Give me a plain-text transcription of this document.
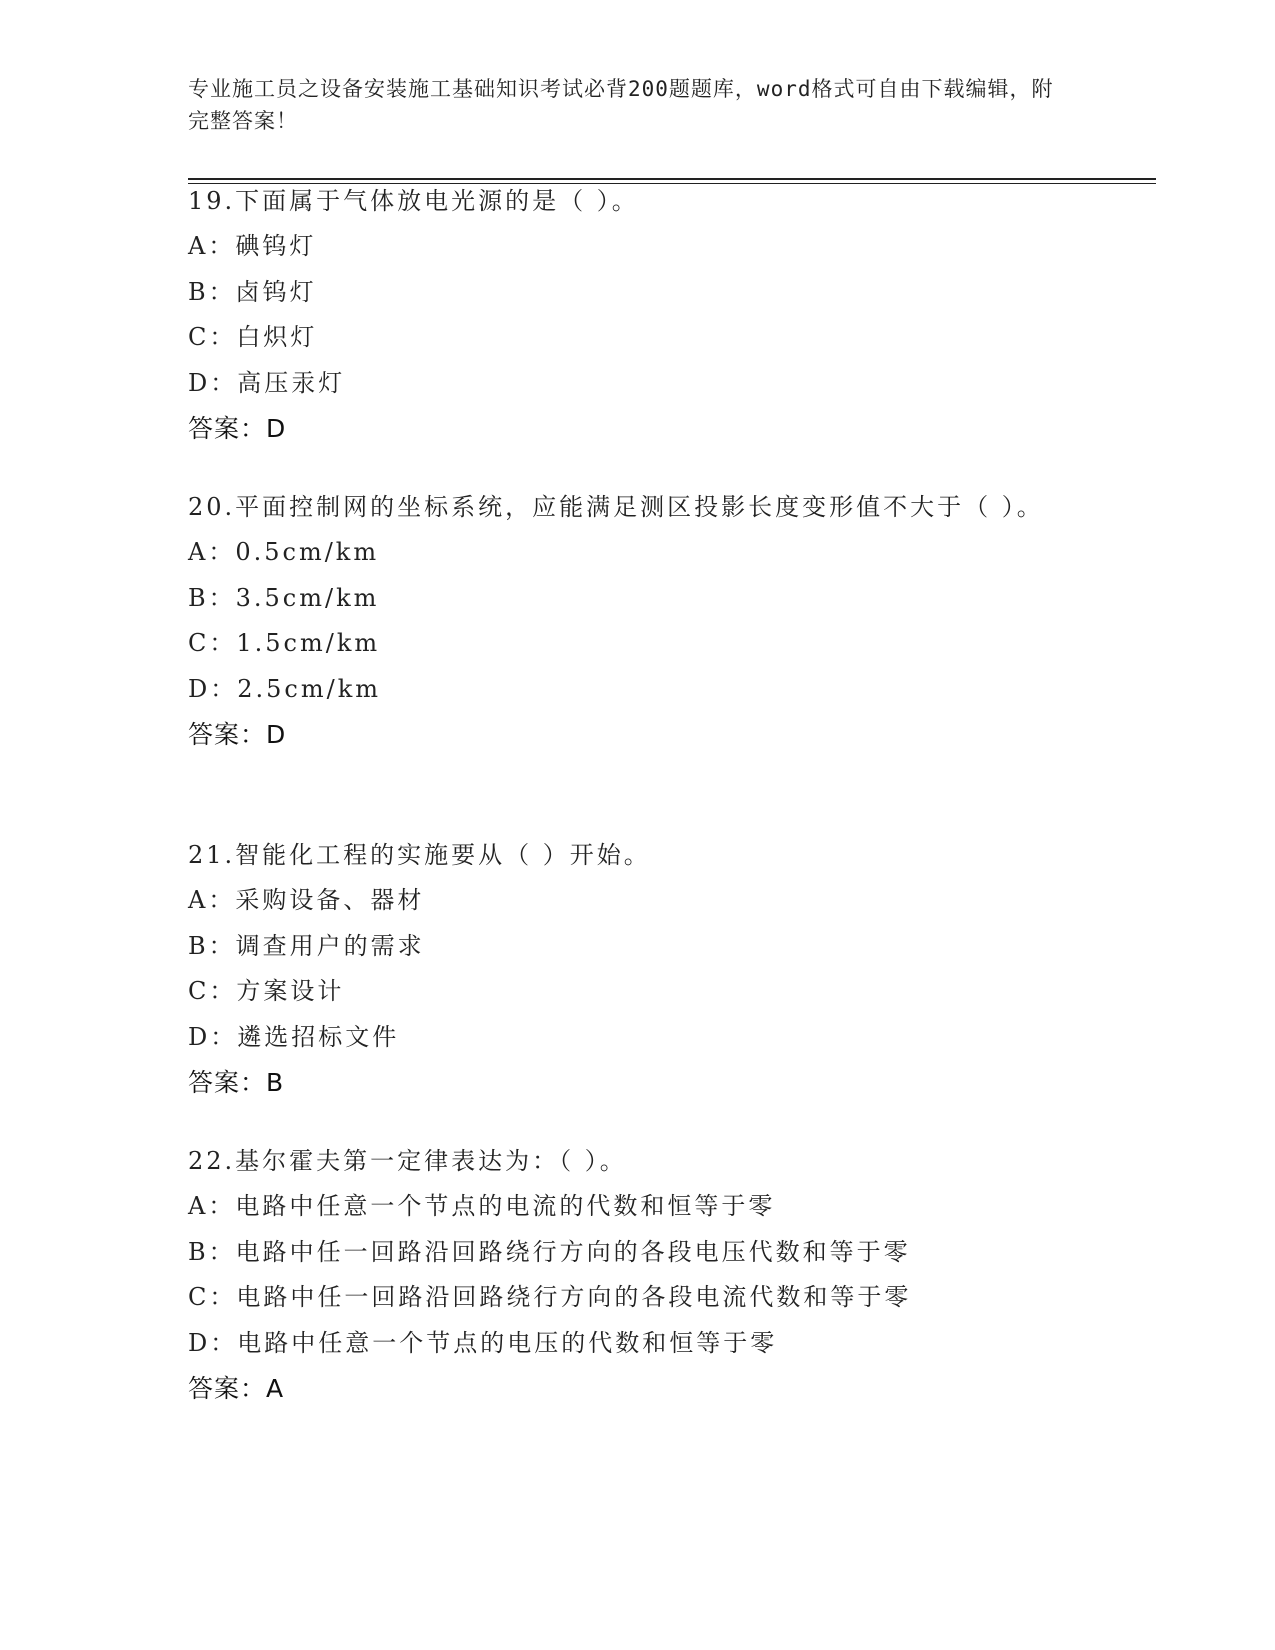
专业施工员之设备安装施工基础知识考试必背200题题库，word格式可自由下载编辑，附完整答案！

19.下面属于气体放电光源的是（ ）。

A：碘钨灯

B：卤钨灯

C：白炽灯

D：高压汞灯

答案：D

20.平面控制网的坐标系统，应能满足测区投影长度变形值不大于（ ）。

A：0.5cm/km

B：3.5cm/km

C：1.5cm/km

D：2.5cm/km

答案：D

21.智能化工程的实施要从（ ）开始。

A：采购设备、器材

B：调查用户的需求

C：方案设计

D：遴选招标文件

答案：B

22.基尔霍夫第一定律表达为：（ ）。

A：电路中任意一个节点的电流的代数和恒等于零

B：电路中任一回路沿回路绕行方向的各段电压代数和等于零

C：电路中任一回路沿回路绕行方向的各段电流代数和等于零

D：电路中任意一个节点的电压的代数和恒等于零

答案：A
